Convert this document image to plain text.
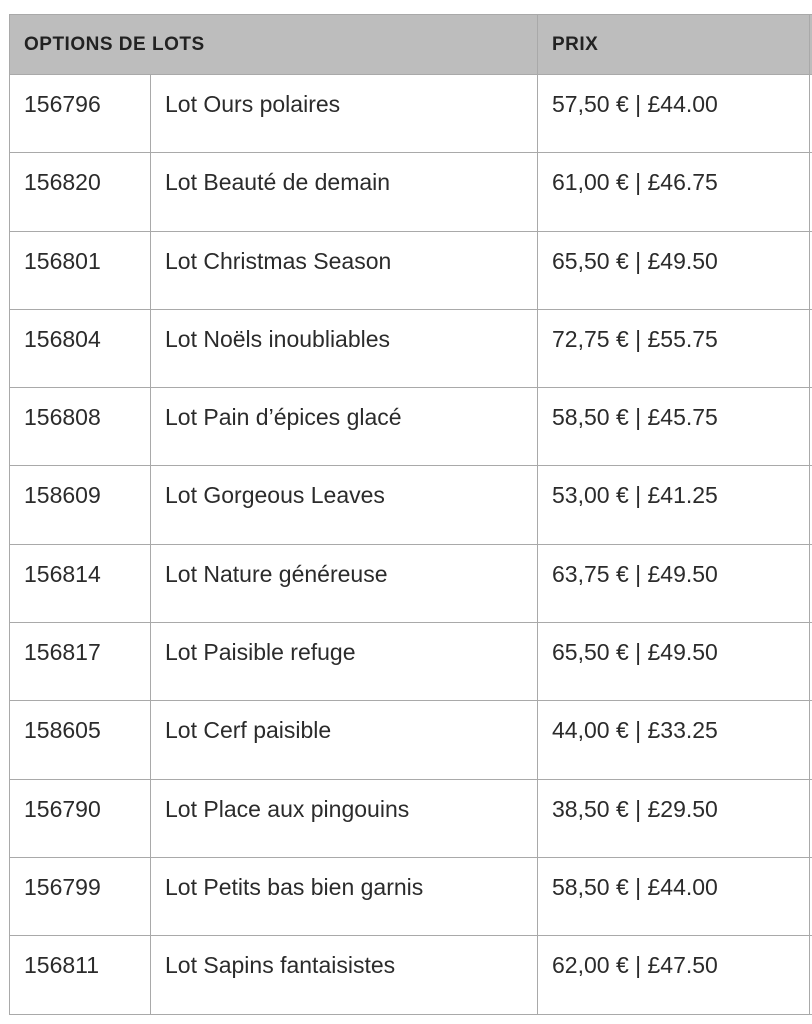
OPTIONS DE LOTS		PRIX	
156796	Lot Ours polaires	57,50 € | £44.00	
156820	Lot Beauté de demain	61,00 € | £46.75	
156801	Lot Christmas Season	65,50 € | £49.50	
156804	Lot Noëls inoubliables	72,75 € | £55.75	
156808	Lot Pain d’épices glacé	58,50 € | £45.75	
158609	Lot Gorgeous Leaves	53,00 € | £41.25	
156814	Lot Nature généreuse	63,75 € | £49.50	
156817	Lot Paisible refuge	65,50 € | £49.50	
158605	Lot Cerf paisible	44,00 € | £33.25	
156790	Lot Place aux pingouins	38,50 € | £29.50	
156799	Lot Petits bas bien garnis	58,50 € | £44.00	
156811	Lot Sapins fantaisistes	62,00 € | £47.50	
